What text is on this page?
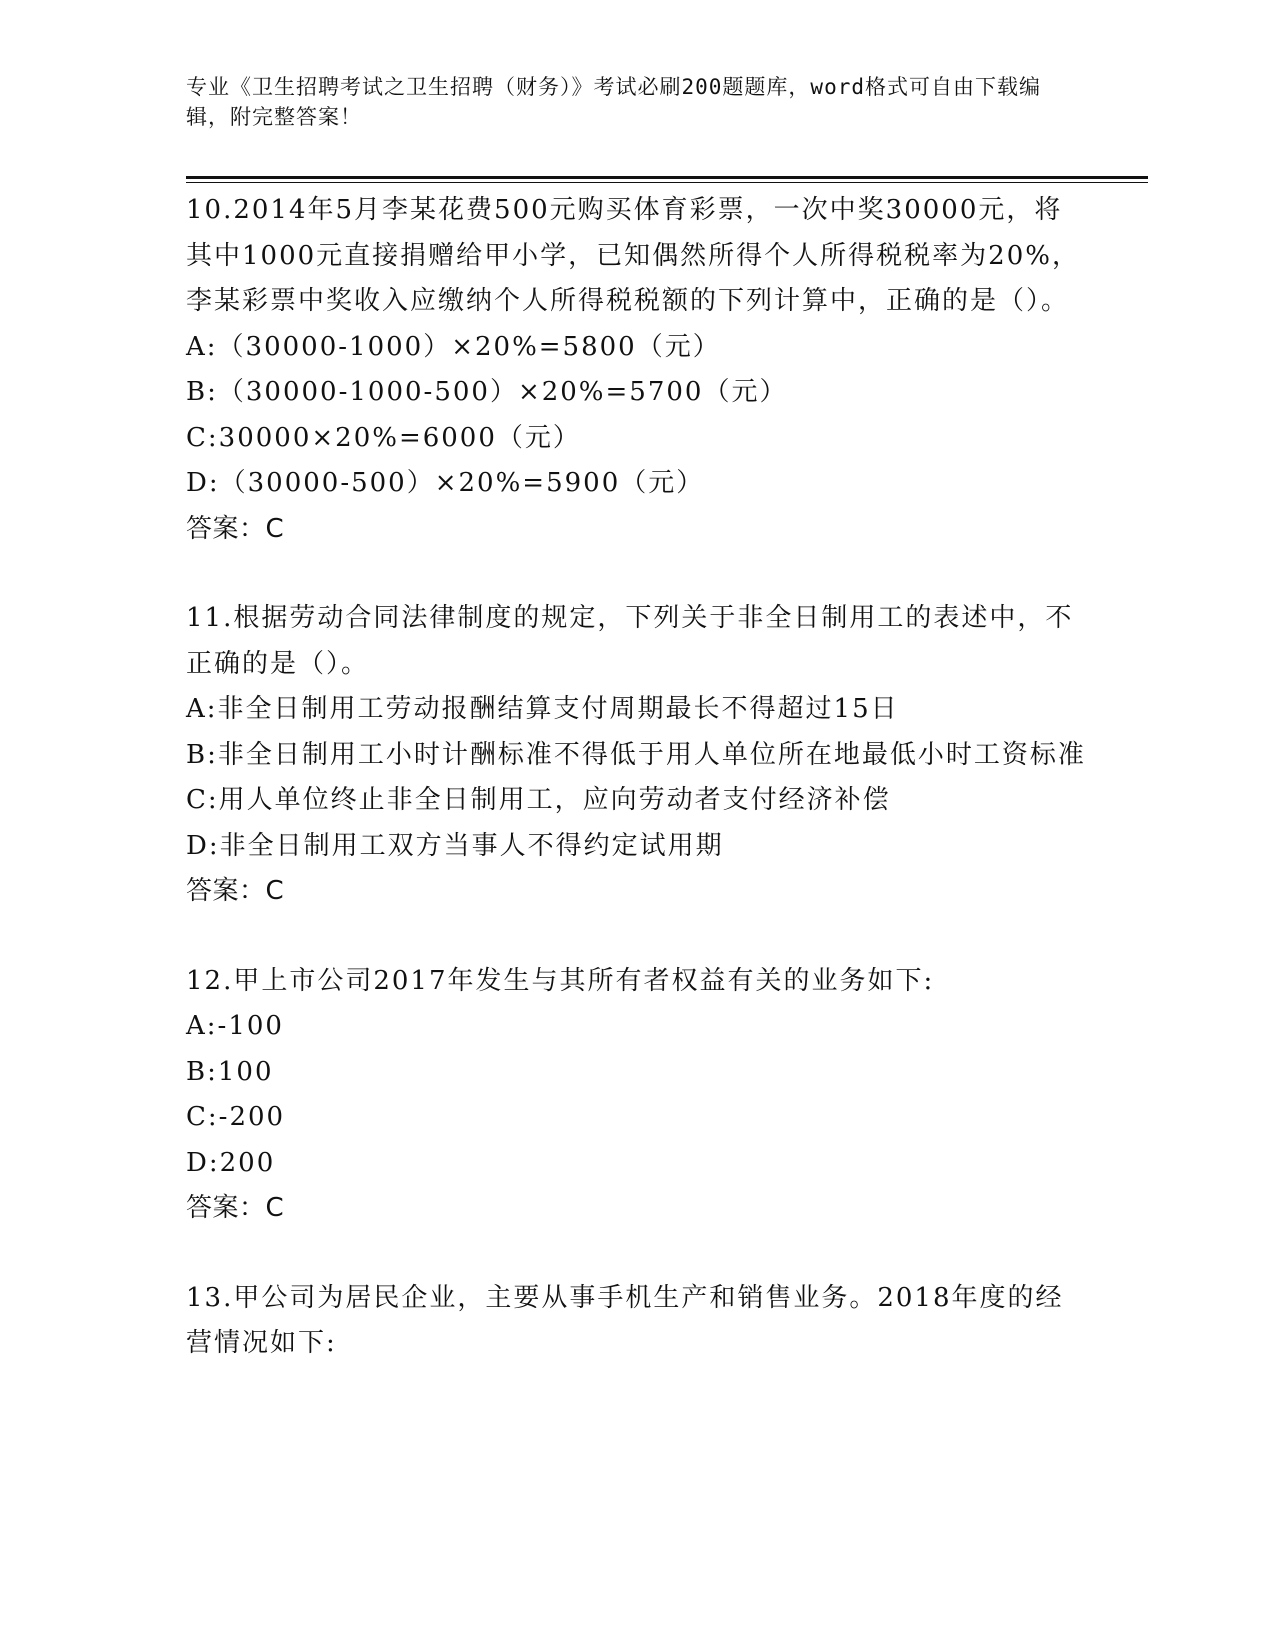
专业《卫生招聘考试之卫生招聘（财务）》考试必刷200题题库，word格式可自由下载编辑，附完整答案！

10.2014年5月李某花费500元购买体育彩票，一次中奖30000元，将其中1000元直接捐赠给甲小学，已知偶然所得个人所得税税率为20%，李某彩票中奖收入应缴纳个人所得税税额的下列计算中，正确的是（）。

A:（30000-1000）×20%=5800（元）

B:（30000-1000-500）×20%=5700（元）

C:30000×20%=6000（元）

D:（30000-500）×20%=5900（元）

答案：C

11.根据劳动合同法律制度的规定，下列关于非全日制用工的表述中，不正确的是（）。

A:非全日制用工劳动报酬结算支付周期最长不得超过15日

B:非全日制用工小时计酬标准不得低于用人单位所在地最低小时工资标准

C:用人单位终止非全日制用工，应向劳动者支付经济补偿

D:非全日制用工双方当事人不得约定试用期

答案：C

12.甲上市公司2017年发生与其所有者权益有关的业务如下:

A:-100

B:100

C:-200

D:200

答案：C

13.甲公司为居民企业，主要从事手机生产和销售业务。2018年度的经营情况如下:
